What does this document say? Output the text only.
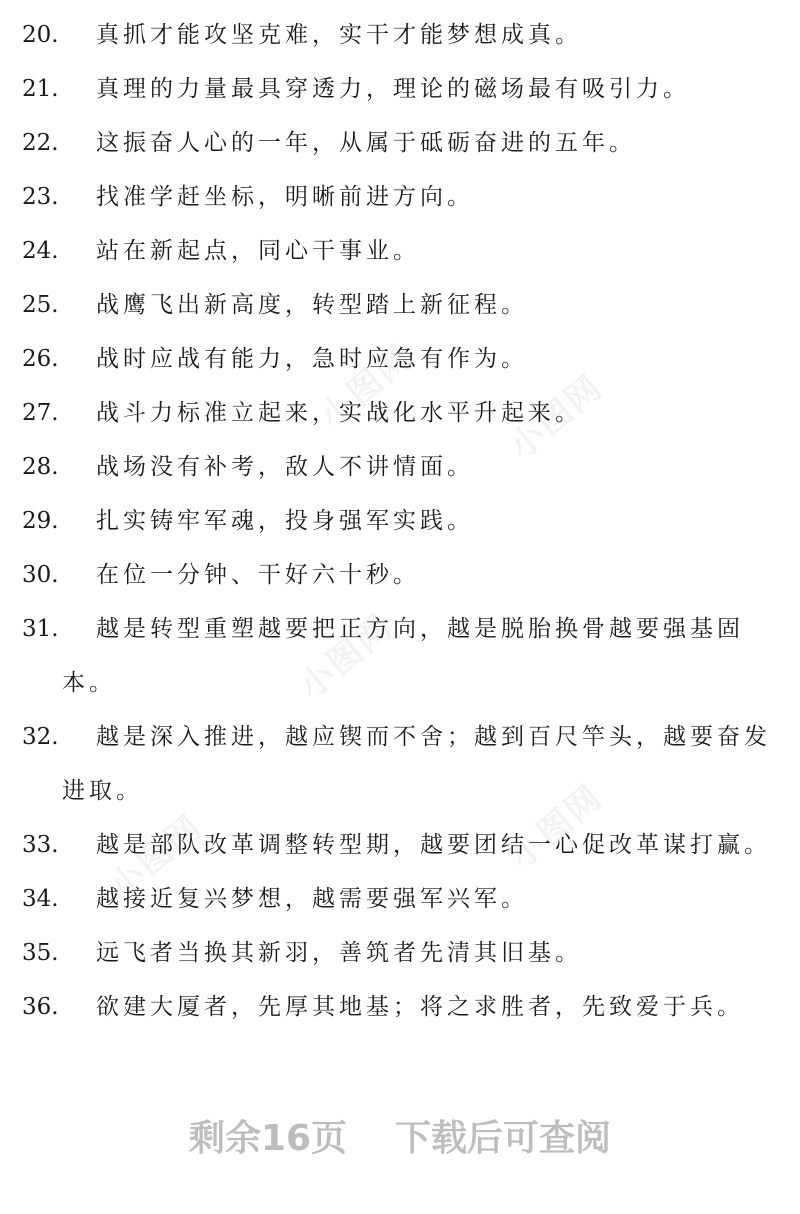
小图网 小图网
小图网
小图网
小图网
20. 真抓才能攻坚克难，实干才能梦想成真。
21. 真理的力量最具穿透力，理论的磁场最有吸引力。
22. 这振奋人心的一年，从属于砥砺奋进的五年。
23. 找准学赶坐标，明晰前进方向。
24. 站在新起点，同心干事业。
25. 战鹰飞出新高度，转型踏上新征程。
26. 战时应战有能力，急时应急有作为。
27. 战斗力标准立起来，实战化水平升起来。
28. 战场没有补考，敌人不讲情面。
29. 扎实铸牢军魂，投身强军实践。
30. 在位一分钟、干好六十秒。
31. 越是转型重塑越要把正方向，越是脱胎换骨越要强基固本。
32. 越是深入推进，越应锲而不舍；越到百尺竿头，越要奋发进取。
33. 越是部队改革调整转型期，越要团结一心促改革谋打赢。
34. 越接近复兴梦想，越需要强军兴军。
35. 远飞者当换其新羽，善筑者先清其旧基。
36. 欲建大厦者，先厚其地基；将之求胜者，先致爱于兵。
剩余16页 下载后可查阅
